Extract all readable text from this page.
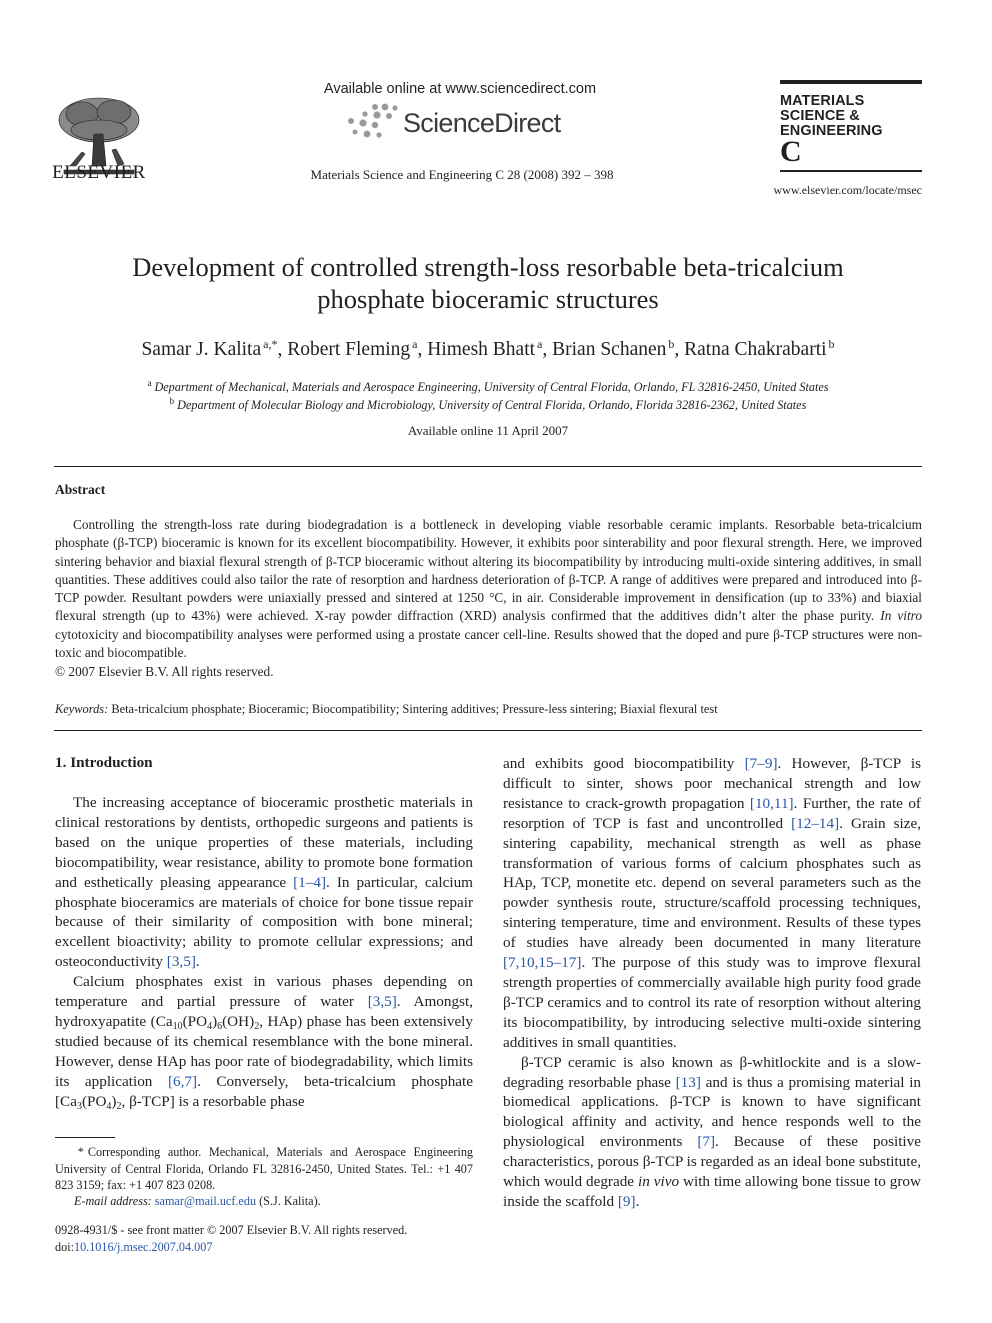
ELSEVIER
Available online at www.sciencedirect.com
ScienceDirect
Materials Science and Engineering C 28 (2008) 392 – 398
MATERIALS
SCIENCE &
ENGINEERING
C
www.elsevier.com/locate/msec
Development of controlled strength-loss resorbable beta-tricalcium
phosphate bioceramic structures
Samar J. Kalita $^{a,*}$, Robert Fleming $^a$, Himesh Bhatt $^a$, Brian Schanen $^b$, Ratna Chakrabarti $^b$
$^a$ Department of Mechanical, Materials and Aerospace Engineering, University of Central Florida, Orlando, FL 32816-2450, United States
$^b$ Department of Molecular Biology and Microbiology, University of Central Florida, Orlando, Florida 32816-2362, United States
Available online 11 April 2007
Abstract

Controlling the strength-loss rate during biodegradation is a bottleneck in developing viable resorbable ceramic implants. Resorbable beta-tricalcium phosphate (β-TCP) bioceramic is known for its excellent biocompatibility. However, it exhibits poor sinterability and poor flexural strength. Here, we improved sintering behavior and biaxial flexural strength of β-TCP bioceramic without altering its biocompatibility by introducing multi-oxide sintering additives, in small quantities. These additives could also tailor the rate of resorption and hardness deterioration of β-TCP. A range of additives were prepared and introduced into β-TCP powder. Resultant powders were uniaxially pressed and sintered at 1250 °C, in air. Considerable improvement in densification (up to 33%) and biaxial flexural strength (up to 43%) were achieved. X-ray powder diffraction (XRD) analysis confirmed that the additives didn’t alter the phase purity. In vitro cytotoxicity and biocompatibility analyses were performed using a prostate cancer cell-line. Results showed that the doped and pure β-TCP structures were non-toxic and biocompatible.

© 2007 Elsevier B.V. All rights reserved.
Keywords: Beta-tricalcium phosphate; Bioceramic; Biocompatibility; Sintering additives; Pressure-less sintering; Biaxial flexural test
1. Introduction

The increasing acceptance of bioceramic prosthetic materials in clinical restorations by dentists, orthopedic surgeons and patients is based on the unique properties of these materials, including biocompatibility, wear resistance, ability to promote bone formation and esthetically pleasing appearance [1–4]. In particular, calcium phosphate bioceramics are materials of choice for bone tissue repair because of their similarity of composition with bone mineral; excellent bioactivity; ability to promote cellular expressions; and osteoconductivity [3,5].

Calcium phosphates exist in various phases depending on temperature and partial pressure of water [3,5]. Amongst, hydroxyapatite ($Ca_{10}(PO_4)_6(OH)_2$, HAp) phase has been extensively studied because of its chemical resemblance with the bone mineral. However, dense HAp has poor rate of biodegradability, which limits its application [6,7]. Conversely, beta-tricalcium phosphate [$Ca_3(PO_4)_2$, β-TCP] is a resorbable phase

and exhibits good biocompatibility [7–9]. However, β-TCP is difficult to sinter, shows poor mechanical strength and low resistance to crack-growth propagation [10,11]. Further, the rate of resorption of TCP is fast and uncontrolled [12–14]. Grain size, sintering capability, mechanical strength as well as phase transformation of various forms of calcium phosphates such as HAp, TCP, monetite etc. depend on several parameters such as the powder synthesis route, structure/scaffold processing techniques, sintering temperature, time and environment. Results of these types of studies have already been documented in many literature [7,10,15–17]. The purpose of this study was to improve flexural strength properties of commercially available high purity food grade β-TCP ceramics and to control its rate of resorption without altering its biocompatibility, by introducing selective multi-oxide sintering additives in small quantities.

β-TCP ceramic is also known as β-whitlockite and is a slow-degrading resorbable phase [13] and is thus a promising material in biomedical applications. β-TCP is known to have significant biological affinity and activity, and hence responds well to the physiological environments [7]. Because of these positive characteristics, porous β-TCP is regarded as an ideal bone substitute, which would degrade in vivo with time allowing bone tissue to grow inside the scaffold [9].

* Corresponding author. Mechanical, Materials and Aerospace Engineering University of Central Florida, Orlando FL 32816-2450, United States. Tel.: +1 407 823 3159; fax: +1 407 823 0208.
E-mail address: samar@mail.ucf.edu (S.J. Kalita).
0928-4931/$ - see front matter © 2007 Elsevier B.V. All rights reserved.
doi:10.1016/j.msec.2007.04.007
